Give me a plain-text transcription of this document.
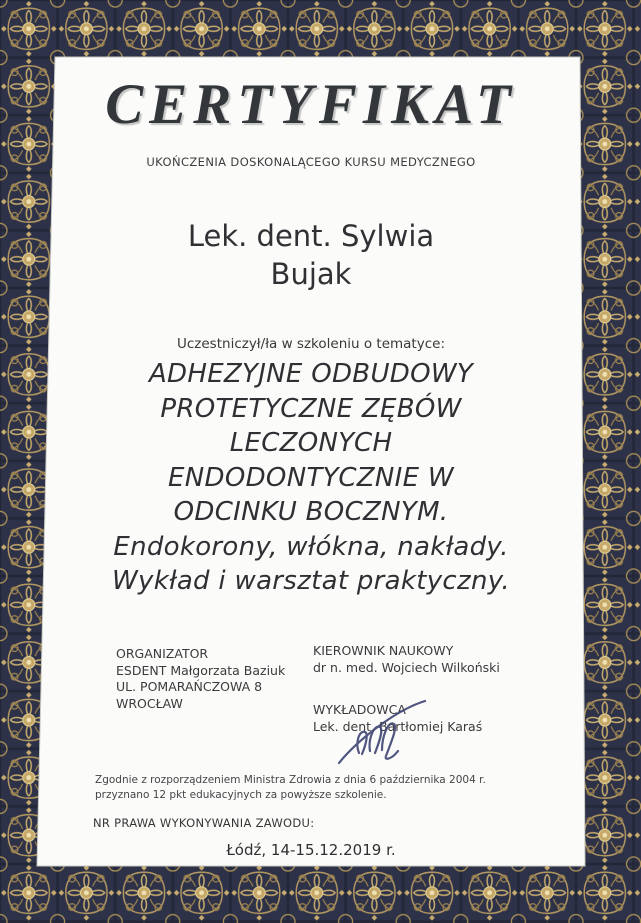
CERTYFIKAT
UKOŃCZENIA DOSKONALĄCEGO KURSU MEDYCZNEGO
Lek. dent. Sylwia
Bujak
Uczestniczył/ła w szkoleniu o tematyce:
ADHEZYJNE ODBUDOWY
PROTETYCZNE ZĘBÓW
LECZONYCH
ENDODONTYCZNIE W
ODCINKU BOCZNYM.
Endokorony, włókna, nakłady.
Wykład i warsztat praktyczny.
ORGANIZATOR
ESDENT Małgorzata Baziuk
UL. POMARAŃCZOWA 8
WROCŁAW
KIEROWNIK NAUKOWY
dr n. med. Wojciech Wilkoński
WYKŁADOWCA
Lek. dent. Bartłomiej Karaś
Zgodnie z rozporządzeniem Ministra Zdrowia z dnia 6 października 2004 r.
przyznano 12 pkt edukacyjnych za powyższe szkolenie.
NR PRAWA WYKONYWANIA ZAWODU:
Łódź, 14-15.12.2019 r.
